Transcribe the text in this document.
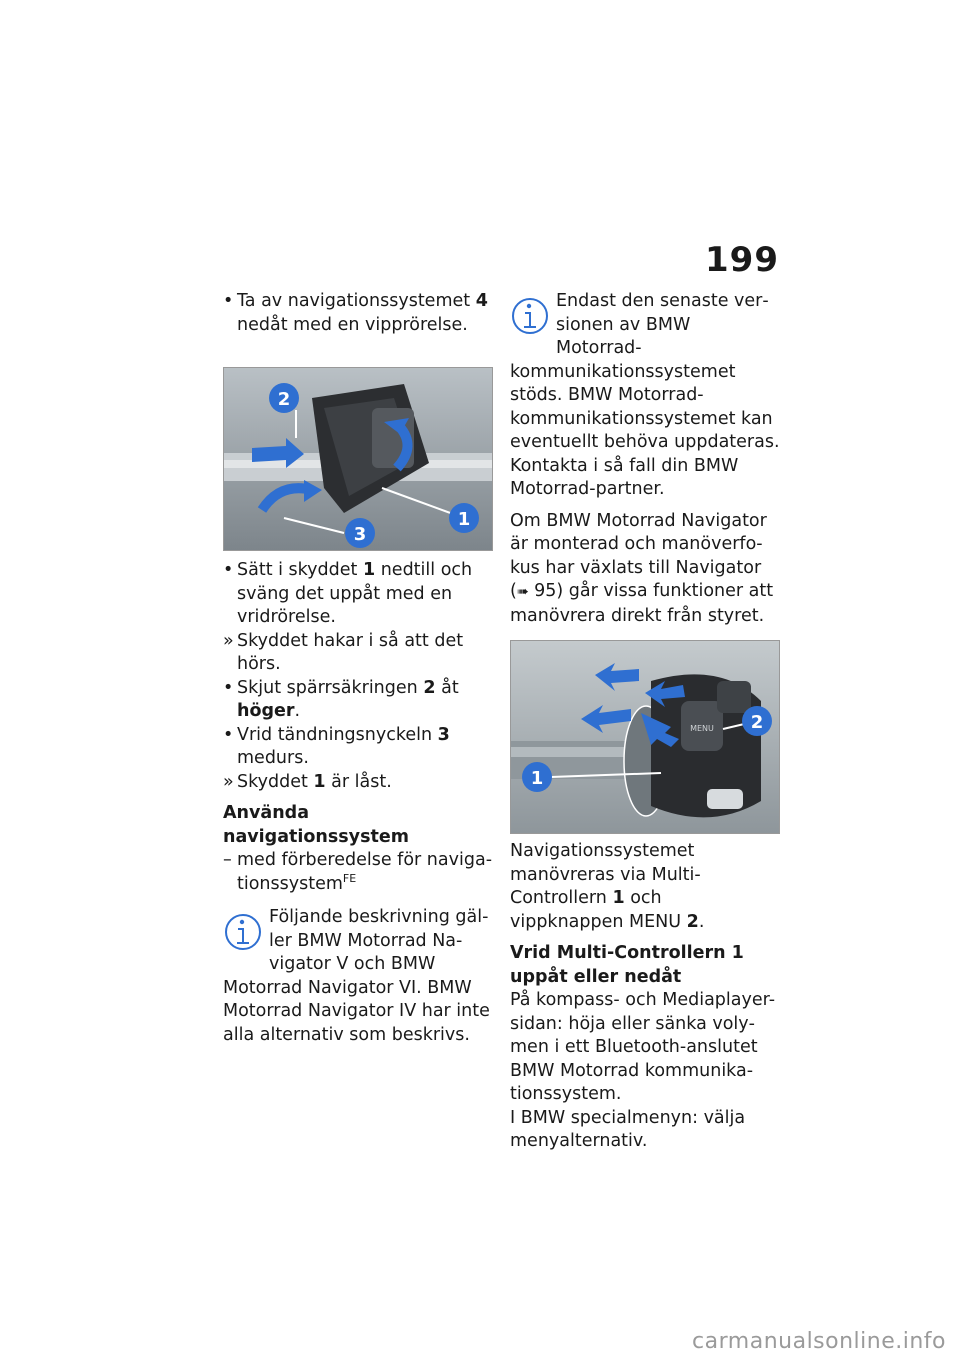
199

• Ta av navigationssystemet 4 nedåt med en vipprörelse.

2
1
3

• Sätt i skyddet 1 nedtill och sväng det uppåt med en vridrörelse.

» Skyddet hakar i så att det hörs.

• Skjut spärrsäkringen 2 åt höger.

• Vrid tändningsnyckeln 3 medurs.

» Skyddet 1 är låst.

Använda navigationssystem

– med förberedelse för navigationssystem$^{FE}$

Följande beskrivning gäller BMW Motorrad Navigator V och BMW Motorrad Navigator VI. BMW Motorrad Navigator IV har inte alla alternativ som beskrivs.

Endast den senaste versionen av BMW Motorrad-kommunikationssystemet stöds. BMW Motorrad-kommunikationssystemet kan eventuellt behöva uppdateras. Kontakta i så fall din BMW Motorrad-partner.

Om BMW Motorrad Navigator är monterad och manöverfokus har växlats till Navigator (➠ 95) går vissa funktioner att manövrera direkt från styret.

MENU 2
1

Navigationssystemet manövreras via Multi-Controllern 1 och vippknappen MENU 2.

Vrid Multi-Controllern 1 uppåt eller nedåt

På kompass- och Mediaplayer-sidan: höja eller sänka volymen i ett Bluetooth-anslutet BMW Motorrad kommunikationssystem.

I BMW specialmenyn: välja menyalternativ.

carmanualsonline.info
